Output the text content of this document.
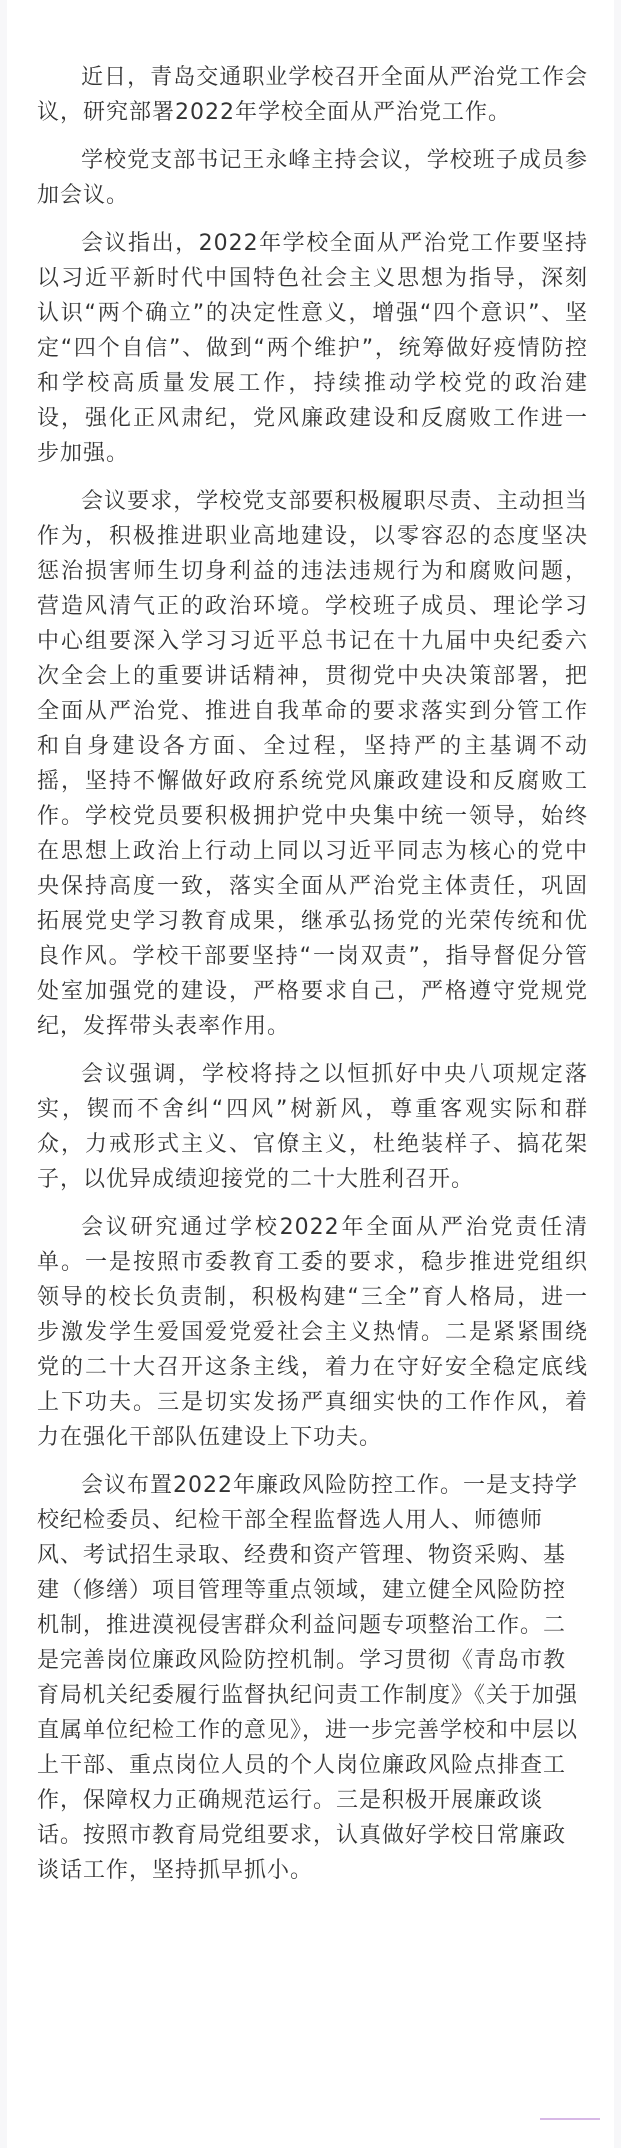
近日，青岛交通职业学校召开全面从严治党工作会议，研究部署2022年学校全面从严治党工作。

学校党支部书记王永峰主持会议，学校班子成员参加会议。

会议指出，2022年学校全面从严治党工作要坚持以习近平新时代中国特色社会主义思想为指导，深刻认识“两个确立”的决定性意义，增强“四个意识”、坚定“四个自信”、做到“两个维护”，统筹做好疫情防控和学校高质量发展工作，持续推动学校党的政治建设，强化正风肃纪，党风廉政建设和反腐败工作进一步加强。

会议要求，学校党支部要积极履职尽责、主动担当作为，积极推进职业高地建设，以零容忍的态度坚决惩治损害师生切身利益的违法违规行为和腐败问题，营造风清气正的政治环境。学校班子成员、理论学习中心组要深入学习习近平总书记在十九届中央纪委六次全会上的重要讲话精神，贯彻党中央决策部署，把全面从严治党、推进自我革命的要求落实到分管工作和自身建设各方面、全过程，坚持严的主基调不动摇，坚持不懈做好政府系统党风廉政建设和反腐败工作。学校党员要积极拥护党中央集中统一领导，始终在思想上政治上行动上同以习近平同志为核心的党中央保持高度一致，落实全面从严治党主体责任，巩固拓展党史学习教育成果，继承弘扬党的光荣传统和优良作风。学校干部要坚持“一岗双责”，指导督促分管处室加强党的建设，严格要求自己，严格遵守党规党纪，发挥带头表率作用。

会议强调，学校将持之以恒抓好中央八项规定落实，锲而不舍纠“四风”树新风，尊重客观实际和群众，力戒形式主义、官僚主义，杜绝装样子、搞花架子，以优异成绩迎接党的二十大胜利召开。

会议研究通过学校2022年全面从严治党责任清单。一是按照市委教育工委的要求，稳步推进党组织领导的校长负责制，积极构建“三全”育人格局，进一步激发学生爱国爱党爱社会主义热情。二是紧紧围绕党的二十大召开这条主线，着力在守好安全稳定底线上下功夫。三是切实发扬严真细实快的工作作风，着力在强化干部队伍建设上下功夫。

会议布置2022年廉政风险防控工作。一是支持学校纪检委员、纪检干部全程监督选人用人、师德师风、考试招生录取、经费和资产管理、物资采购、基建（修缮）项目管理等重点领域，建立健全风险防控机制，推进漠视侵害群众利益问题专项整治工作。二是完善岗位廉政风险防控机制。学习贯彻《青岛市教育局机关纪委履行监督执纪问责工作制度》《关于加强直属单位纪检工作的意见》，进一步完善学校和中层以上干部、重点岗位人员的个人岗位廉政风险点排查工作，保障权力正确规范运行。三是积极开展廉政谈话。按照市教育局党组要求，认真做好学校日常廉政谈话工作，坚持抓早抓小。
